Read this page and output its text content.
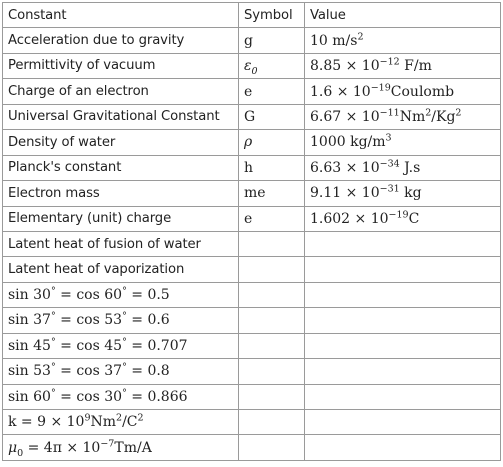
Constant	Symbol	Value
Acceleration due to gravity	g	10 $m/s^2$
Permittivity of vacuum	$\varepsilon_0$	$8.85 \times 10^{-12}$ F/m
Charge of an electron	e	$1.6 \times 10^{-19}Coulomb$
Universal Gravitational Constant	G	$6.67 \times 10^{-11}Nm^2/Kg^2$
Density of water	ρ	1000 $kg/m^3$
Planck's constant	h	$6.63 \times 10^{-34}$ J.s
Electron mass	me	$9.11 \times 10^{-31}$ kg
Elementary (unit) charge	e	$1.602 \times 10^{-19}C$
Latent heat of fusion of water		
Latent heat of vaporization		
sin 30° = cos 60° = 0.5		
sin 37° = cos 53° = 0.6		
sin 45° = cos 45° = 0.707		
sin 53° = cos 37° = 0.8		
sin 60° = cos 30° = 0.866		
$k = 9 \times 10^9Nm^2/C^2$		
$\mu_0 = 4\pi \times 10^{-7}Tm/A$		
